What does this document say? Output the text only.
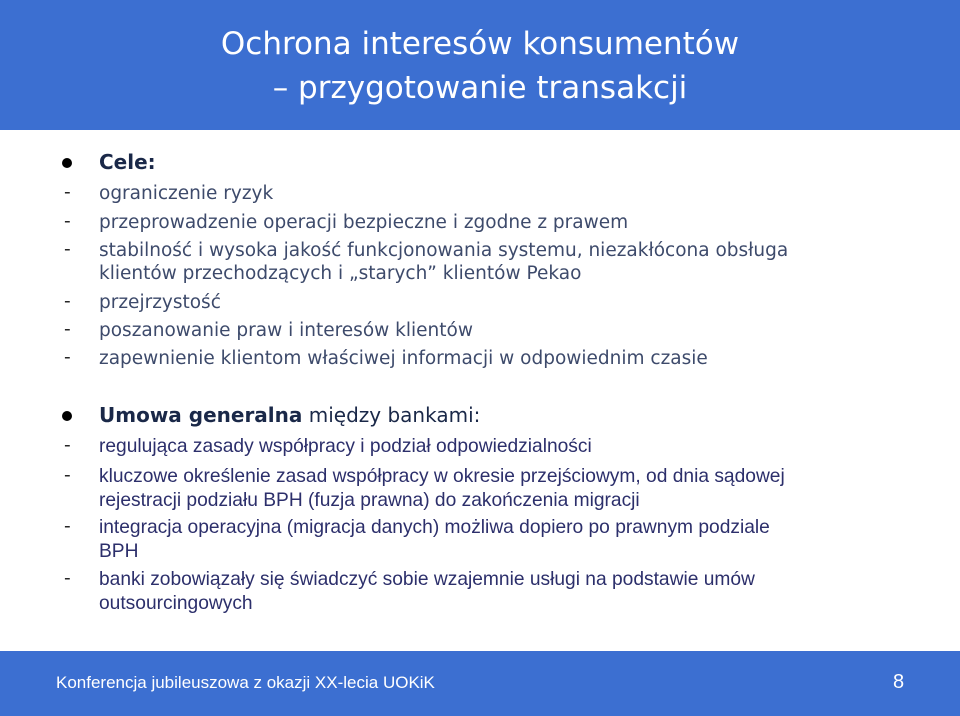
Ochrona interesów konsumentów
– przygotowanie transakcji
Cele:
- ograniczenie ryzyk
- przeprowadzenie operacji bezpieczne i zgodne z prawem
- stabilność i wysoka jakość funkcjonowania systemu, niezakłócona obsługa
klientów przechodzących i „starych” klientów Pekao
- przejrzystość
- poszanowanie praw i interesów klientów
- zapewnienie klientom właściwej informacji w odpowiednim czasie
Umowa generalna między bankami:
- regulująca zasady współpracy i podział odpowiedzialności
- kluczowe określenie zasad współpracy w okresie przejściowym, od dnia sądowej
rejestracji podziału BPH (fuzja prawna) do zakończenia migracji
- integracja operacyjna (migracja danych) możliwa dopiero po prawnym podziale
BPH
- banki zobowiązały się świadczyć sobie wzajemnie usługi na podstawie umów
outsourcingowych
Konferencja jubileuszowa z okazji XX-lecia UOKiK	8
